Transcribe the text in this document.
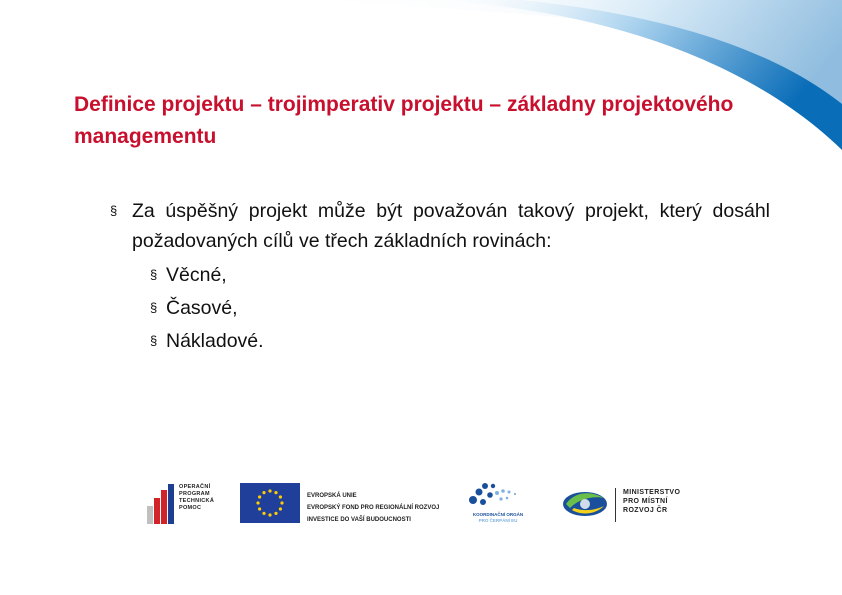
Definice projektu – trojimperativ projektu – základny projektového managementu
§ Za úspěšný projekt může být považován takový projekt, který dosáhl požadovaných cílů ve třech základních rovinách:
§ Věcné,
§ Časové,
§ Nákladové.
OPERAČNÍ
PROGRAM
TECHNICKÁ
POMOC
EVROPSKÁ UNIE
EVROPSKÝ FOND PRO REGIONÁLNÍ ROZVOJ
INVESTICE DO VAŠÍ BUDOUCNOSTI
KOORDINAČNÍ ORGÁN
PRO ČERPÁNÍ EU
MINISTERSTVO
PRO MÍSTNÍ
ROZVOJ ČR
